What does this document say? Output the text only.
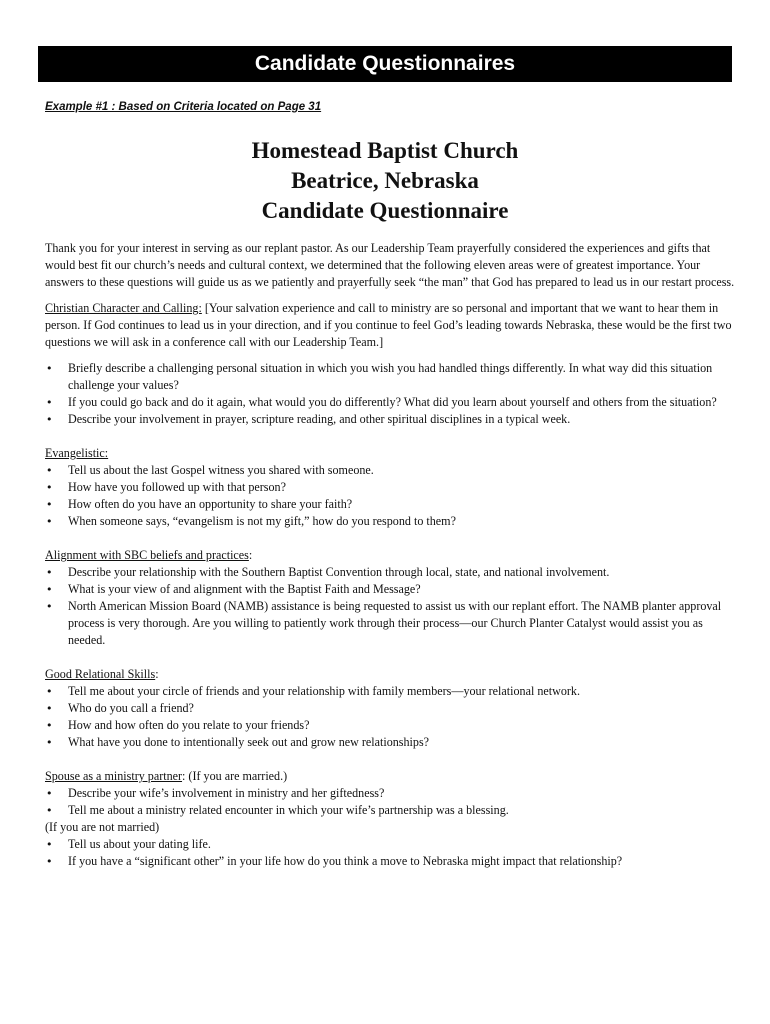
Candidate Questionnaires
Example #1 : Based on Criteria located on Page 31
Homestead Baptist Church
Beatrice, Nebraska
Candidate Questionnaire

Thank you for your interest in serving as our replant pastor. As our Leadership Team prayerfully considered the experiences and gifts that would best fit our church’s needs and cultural context, we determined that the following eleven areas were of greatest importance. Your answers to these questions will guide us as we patiently and prayerfully seek “the man” that God has prepared to lead us in our restart process.

Christian Character and Calling: [Your salvation experience and call to ministry are so personal and important that we want to hear them in person. If God continues to lead us in your direction, and if you continue to feel God’s leading towards Nebraska, these would be the first two questions we will ask in a conference call with our Leadership Team.]

• Briefly describe a challenging personal situation in which you wish you had handled things differently. In what way did this situation challenge your values?
• If you could go back and do it again, what would you do differently? What did you learn about yourself and others from the situation?
• Describe your involvement in prayer, scripture reading, and other spiritual disciplines in a typical week.

Evangelistic:

• Tell us about the last Gospel witness you shared with someone.
• How have you followed up with that person?
• How often do you have an opportunity to share your faith?
• When someone says, “evangelism is not my gift,” how do you respond to them?

Alignment with SBC beliefs and practices:

• Describe your relationship with the Southern Baptist Convention through local, state, and national involvement.
• What is your view of and alignment with the Baptist Faith and Message?
• North American Mission Board (NAMB) assistance is being requested to assist us with our replant effort. The NAMB planter approval process is very thorough. Are you willing to patiently work through their process—our Church Planter Catalyst would assist you as needed.

Good Relational Skills:

• Tell me about your circle of friends and your relationship with family members—your relational network.
• Who do you call a friend?
• How and how often do you relate to your friends?
• What have you done to intentionally seek out and grow new relationships?

Spouse as a ministry partner: (If you are married.)

• Describe your wife’s involvement in ministry and her giftedness?
• Tell me about a ministry related encounter in which your wife’s partnership was a blessing.

(If you are not married)

• Tell us about your dating life.
• If you have a “significant other” in your life how do you think a move to Nebraska might impact that relationship?
